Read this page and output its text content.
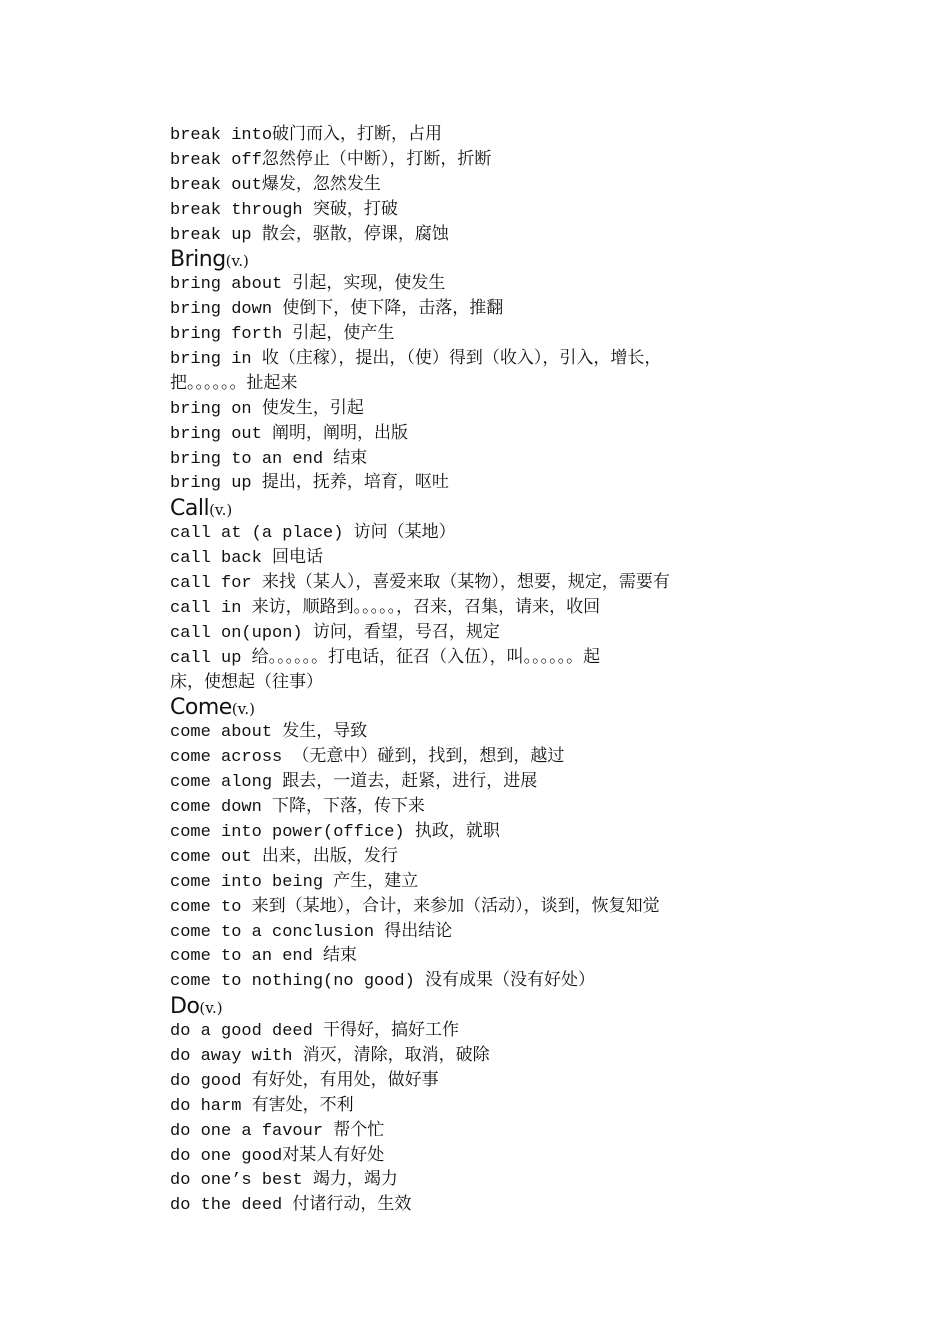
break into破门而入，打断，占用
break off忽然停止（中断），打断，折断
break out爆发，忽然发生
break through 突破，打破
break up 散会，驱散，停课，腐蚀
Bring(v.)
bring about 引起，实现，使发生
bring down 使倒下，使下降，击落，推翻
bring forth 引起，使产生
bring in 收（庄稼），提出，（使）得到（收入），引入，增长，
把。。。。。。扯起来
bring on 使发生，引起
bring out 阐明，阐明，出版
bring to an end 结束
bring up 提出，抚养，培育，呕吐
Call(v.)
call at (a place) 访问（某地）
call back 回电话
call for 来找（某人），喜爱来取（某物），想要，规定，需要有
call in 来访，顺路到。。。。。，召来，召集，请来，收回
call on(upon) 访问，看望，号召，规定
call up 给。。。。。。打电话，征召（入伍），叫。。。。。。起
床，使想起（往事）
Come(v.)
come about 发生，导致
come across （无意中）碰到，找到，想到，越过
come along 跟去，一道去，赶紧，进行，进展
come down 下降，下落，传下来
come into power(office) 执政，就职
come out 出来，出版，发行
come into being 产生，建立
come to 来到（某地），合计，来参加（活动），谈到，恢复知觉
come to a conclusion 得出结论
come to an end 结束
come to nothing(no good) 没有成果（没有好处）
Do(v.)
do a good deed 干得好，搞好工作
do away with 消灭，清除，取消，破除
do good 有好处，有用处，做好事
do harm 有害处，不利
do one a favour 帮个忙
do one good对某人有好处
do one’s best 竭力，竭力
do the deed 付诸行动，生效
